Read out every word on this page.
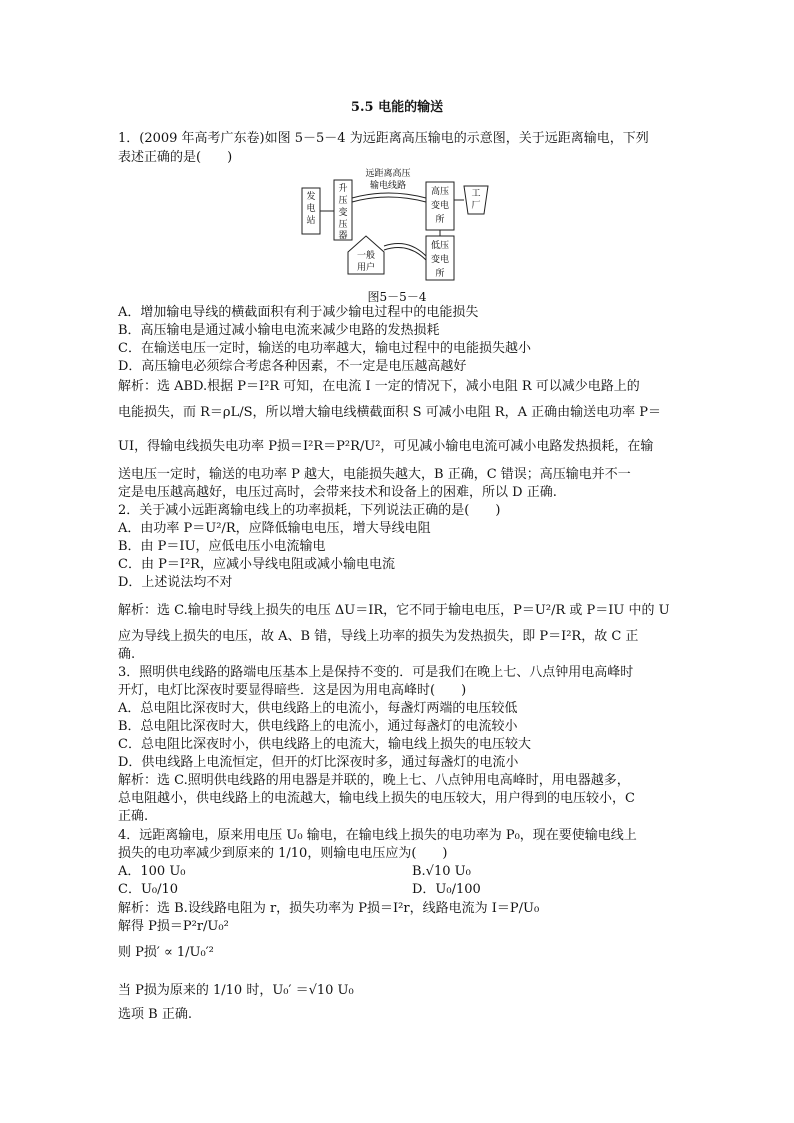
5.5 电能的输送
1．(2009 年高考广东卷)如图 5－5－4 为远距离高压输电的示意图，关于远距离输电，下列
表述正确的是(　　)
发
电
站
升
压
变
压
器
远距离高压
输电线路
高压
变电
所
工
厂
低压
变电
所
一般
用户
图5－5－4
A．增加输电导线的横截面积有利于减少输电过程中的电能损失
B．高压输电是通过减小输电电流来减少电路的发热损耗
C．在输送电压一定时，输送的电功率越大，输电过程中的电能损失越小
D．高压输电必须综合考虑各种因素，不一定是电压越高越好
解析：选 ABD.根据 P＝I²R 可知，在电流 I 一定的情况下，减小电阻 R 可以减少电路上的
电能损失，而 R＝ρL/S，所以增大输电线横截面积 S 可减小电阻 R，A 正确由输送电功率 P＝
UI，得输电线损失电功率 P损＝I²R＝P²R/U²，可见减小输电电流可减小电路发热损耗，在输
送电压一定时，输送的电功率 P 越大，电能损失越大，B 正确，C 错误；高压输电并不一
定是电压越高越好，电压过高时，会带来技术和设备上的困难，所以 D 正确.
2．关于减小远距离输电线上的功率损耗，下列说法正确的是(　　)
A．由功率 P＝U²/R，应降低输电电压，增大导线电阻
B．由 P＝IU，应低电压小电流输电
C．由 P＝I²R，应减小导线电阻或减小输电电流
D．上述说法均不对
解析：选 C.输电时导线上损失的电压 ΔU＝IR，它不同于输电电压，P＝U²/R 或 P＝IU 中的 U
应为导线上损失的电压，故 A、B 错，导线上功率的损失为发热损失，即 P＝I²R，故 C 正
确.
3．照明供电线路的路端电压基本上是保持不变的．可是我们在晚上七、八点钟用电高峰时
开灯，电灯比深夜时要显得暗些．这是因为用电高峰时(　　)
A．总电阻比深夜时大，供电线路上的电流小，每盏灯两端的电压较低
B．总电阻比深夜时大，供电线路上的电流小，通过每盏灯的电流较小
C．总电阻比深夜时小，供电线路上的电流大，输电线上损失的电压较大
D．供电线路上电流恒定，但开的灯比深夜时多，通过每盏灯的电流小
解析：选 C.照明供电线路的用电器是并联的，晚上七、八点钟用电高峰时，用电器越多，
总电阻越小，供电线路上的电流越大，输电线上损失的电压较大，用户得到的电压较小，C
正确.
4．远距离输电，原来用电压 U₀ 输电，在输电线上损失的电功率为 P₀，现在要使输电线上
损失的电功率减少到原来的 1/10，则输电电压应为(　　)
A．100 U₀	B.√10 U₀
C．U₀/10	D．U₀/100
解析：选 B.设线路电阻为 r，损失功率为 P损＝I²r，线路电流为 I＝P/U₀
解得 P损＝P²r/U₀²
则 P损′ ∝ 1/U₀′²
当 P损为原来的 1/10 时，U₀′ ＝√10 U₀
选项 B 正确.
